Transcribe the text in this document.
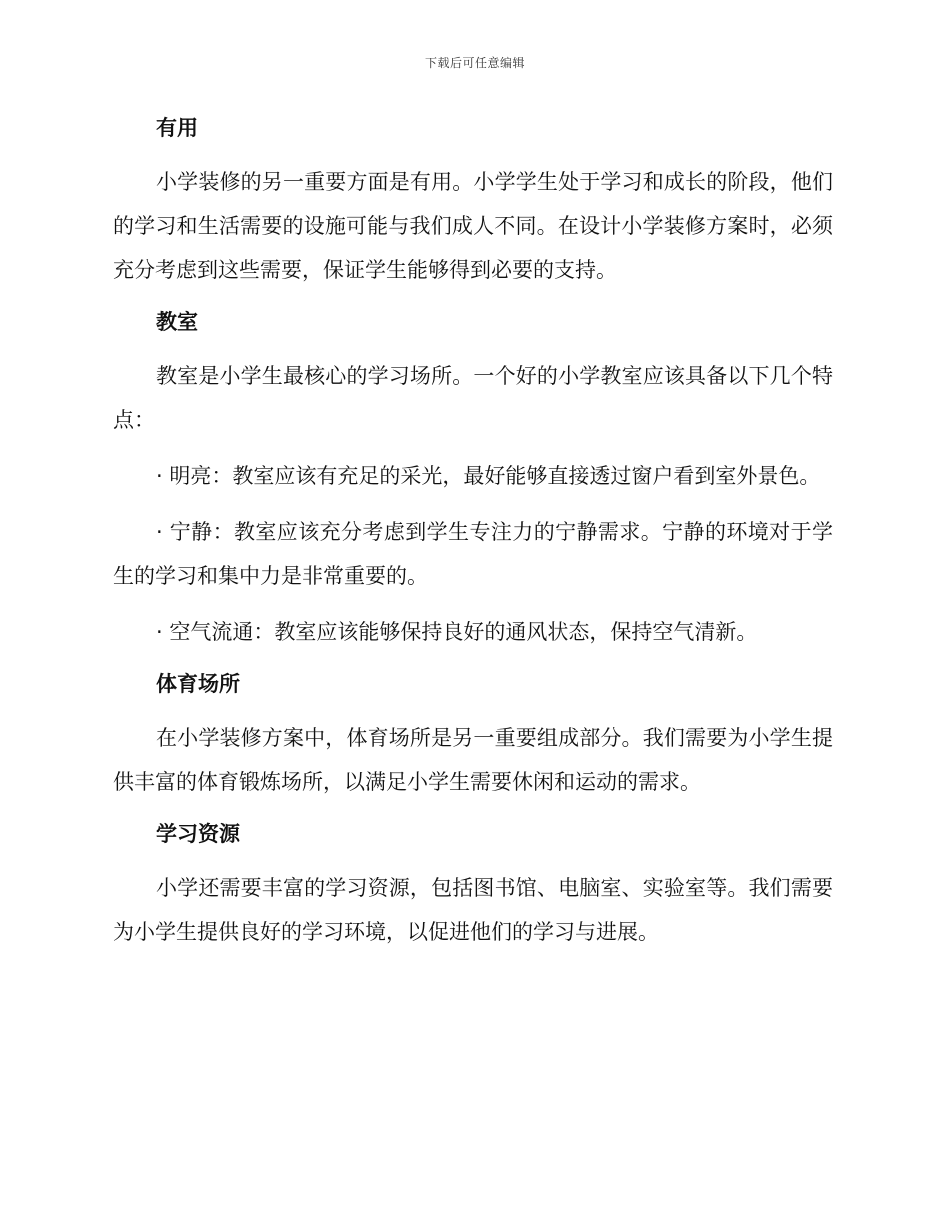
下载后可任意编辑
有用

小学装修的另一重要方面是有用。小学学生处于学习和成长的阶段，他们的学习和生活需要的设施可能与我们成人不同。在设计小学装修方案时，必须充分考虑到这些需要，保证学生能够得到必要的支持。

教室

教室是小学生最核心的学习场所。一个好的小学教室应该具备以下几个特点：

· 明亮：教室应该有充足的采光，最好能够直接透过窗户看到室外景色。

· 宁静：教室应该充分考虑到学生专注力的宁静需求。宁静的环境对于学生的学习和集中力是非常重要的。

· 空气流通：教室应该能够保持良好的通风状态，保持空气清新。

体育场所

在小学装修方案中，体育场所是另一重要组成部分。我们需要为小学生提供丰富的体育锻炼场所，以满足小学生需要休闲和运动的需求。

学习资源

小学还需要丰富的学习资源，包括图书馆、电脑室、实验室等。我们需要为小学生提供良好的学习环境，以促进他们的学习与进展。
